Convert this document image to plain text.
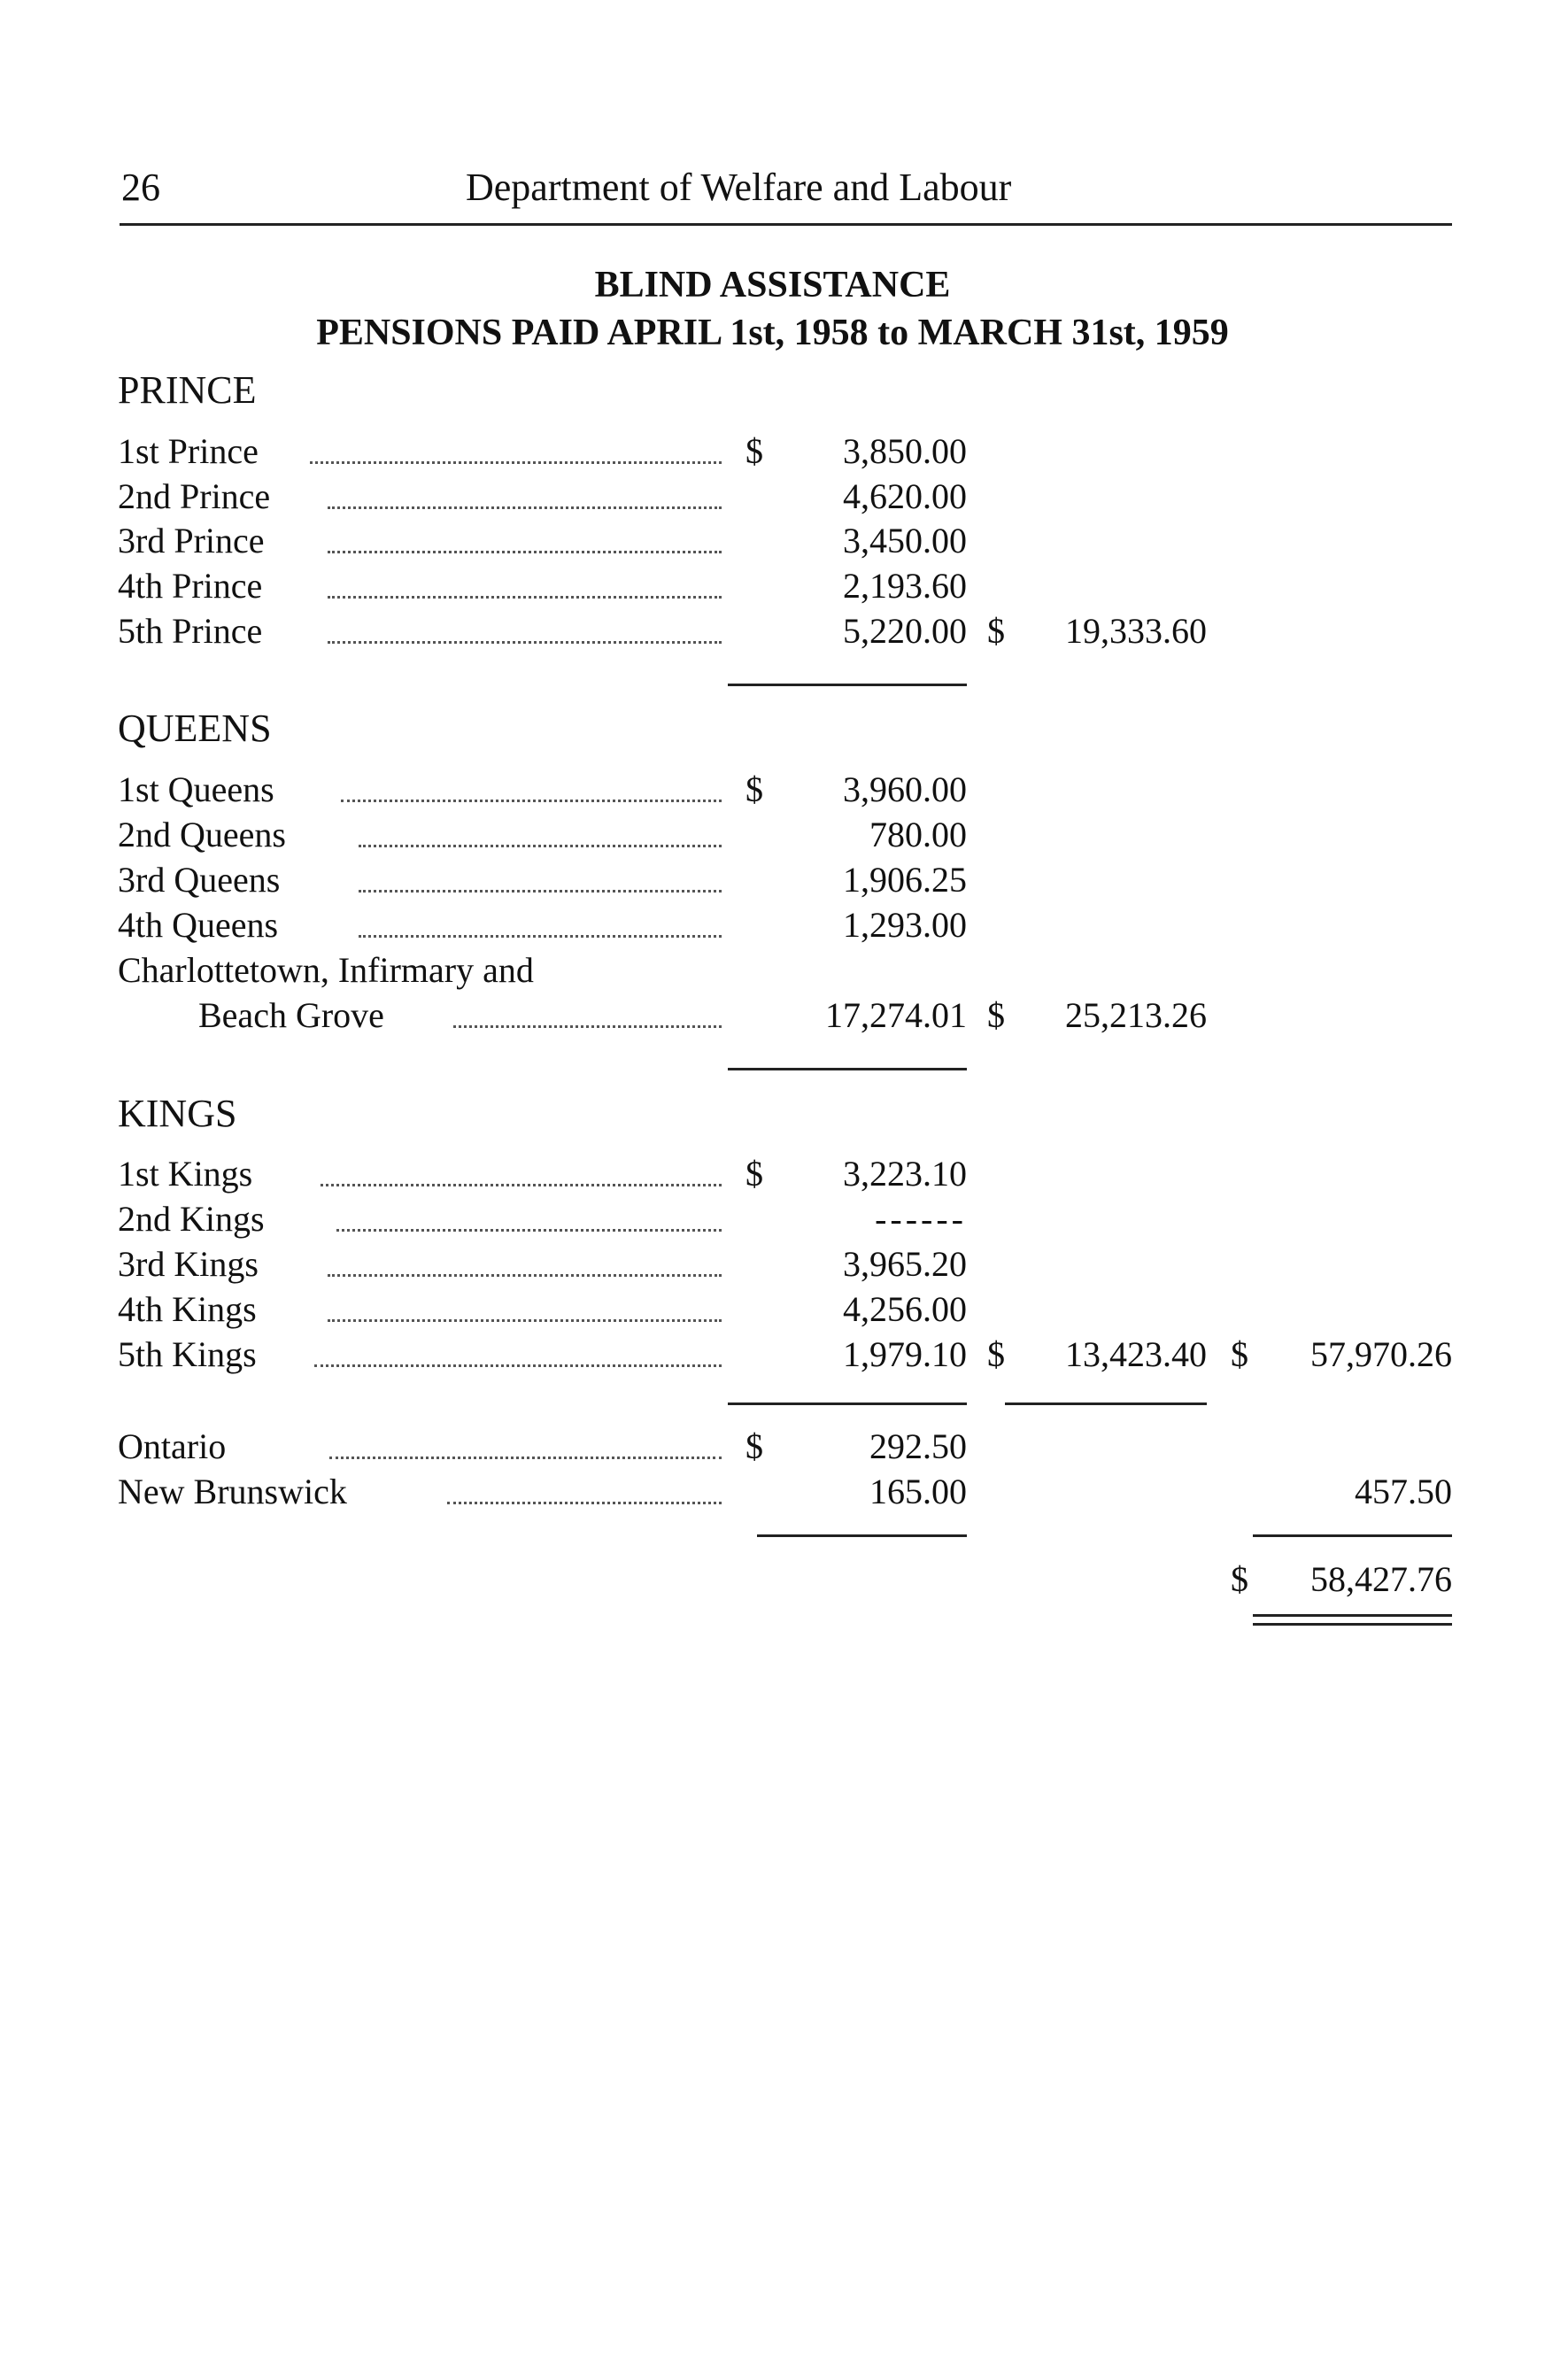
26	Department of Welfare and Labour
BLIND ASSISTANCE
PENSIONS PAID APRIL 1st, 1958 to MARCH 31st, 1959
PRINCE
1st Prince	$	3,850.00
2nd Prince	4,620.00
3rd Prince	3,450.00
4th Prince	2,193.60
5th Prince	5,220.00 $	19,333.60
QUEENS
1st Queens	$	3,960.00
2nd Queens	780.00
3rd Queens	1,906.25
4th Queens	1,293.00
Charlottetown, Infirmary and
Beach Grove	17,274.01 $	25,213.26
KINGS
1st Kings	$	3,223.10
2nd Kings	------
3rd Kings	3,965.20
4th Kings	4,256.00
5th Kings	1,979.10 $	13,423.40 $	57,970.26
Ontario	$	292.50
New Brunswick	165.00	457.50
$	58,427.76
